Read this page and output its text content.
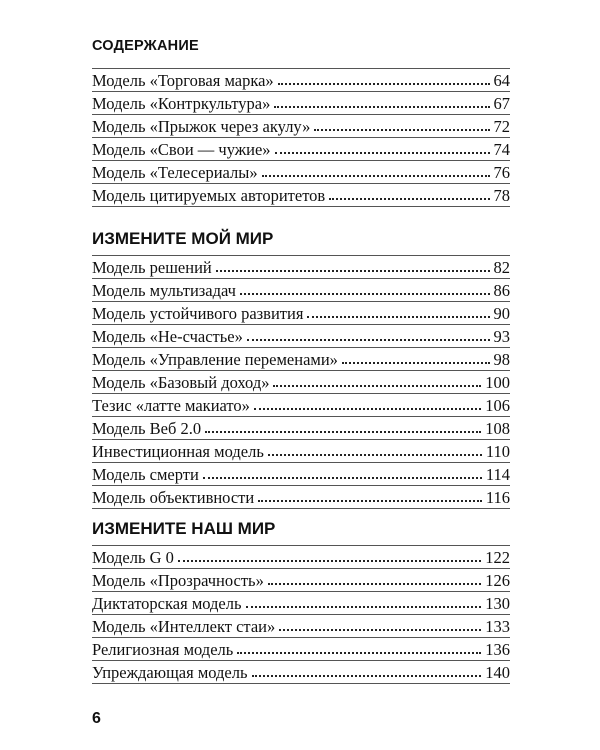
СОДЕРЖАНИЕ
Модель «Торговая марка»	64
Модель «Контркультура»	67
Модель «Прыжок через акулу»	72
Модель «Свои — чужие»	74
Модель «Телесериалы»	76
Модель цитируемых авторитетов	78
ИЗМЕНИТЕ МОЙ МИР
Модель решений	82
Модель мультизадач	86
Модель устойчивого развития	90
Модель «Не-счастье»	93
Модель «Управление переменами»	98
Модель «Базовый доход»	100
Тезис «латте макиато»	106
Модель Веб 2.0	108
Инвестиционная модель	110
Модель смерти	114
Модель объективности	116
ИЗМЕНИТЕ НАШ МИР
Модель G 0	122
Модель «Прозрачность»	126
Диктаторская модель	130
Модель «Интеллект стаи»	133
Религиозная модель	136
Упреждающая модель	140
6
